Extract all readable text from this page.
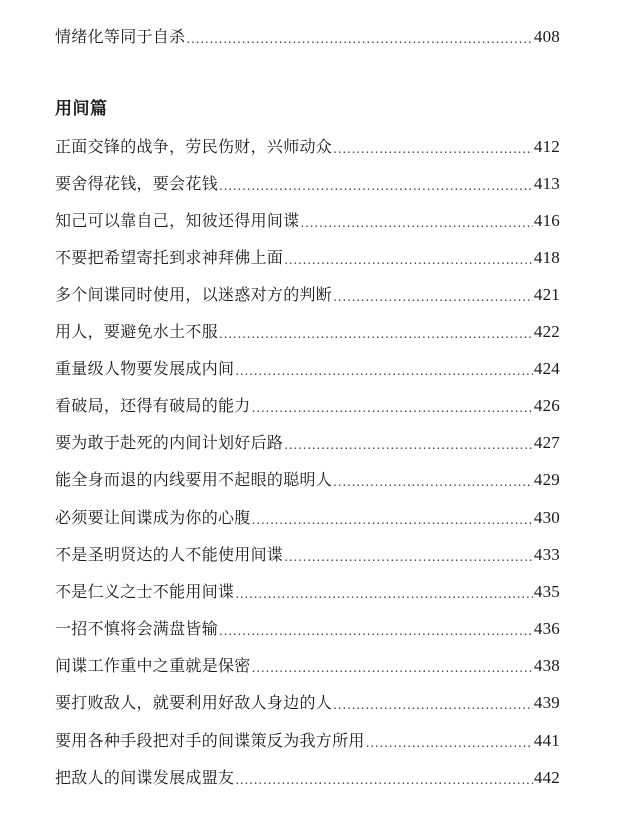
情绪化等同于自杀 .....	408
用间篇
正面交锋的战争，劳民伤财，兴师动众 .....	412
要舍得花钱，要会花钱 .....	413
知己可以靠自己，知彼还得用间谍 .....	416
不要把希望寄托到求神拜佛上面 .....	418
多个间谍同时使用，以迷惑对方的判断 .....	421
用人，要避免水土不服 .....	422
重量级人物要发展成内间 .....	424
看破局，还得有破局的能力 .....	426
要为敢于赴死的内间计划好后路 .....	427
能全身而退的内线要用不起眼的聪明人 .....	429
必须要让间谍成为你的心腹 .....	430
不是圣明贤达的人不能使用间谍 .....	433
不是仁义之士不能用间谍 .....	435
一招不慎将会满盘皆输 .....	436
间谍工作重中之重就是保密 .....	438
要打败敌人，就要利用好敌人身边的人 .....	439
要用各种手段把对手的间谍策反为我方所用 .....	441
把敌人的间谍发展成盟友 .....	442
